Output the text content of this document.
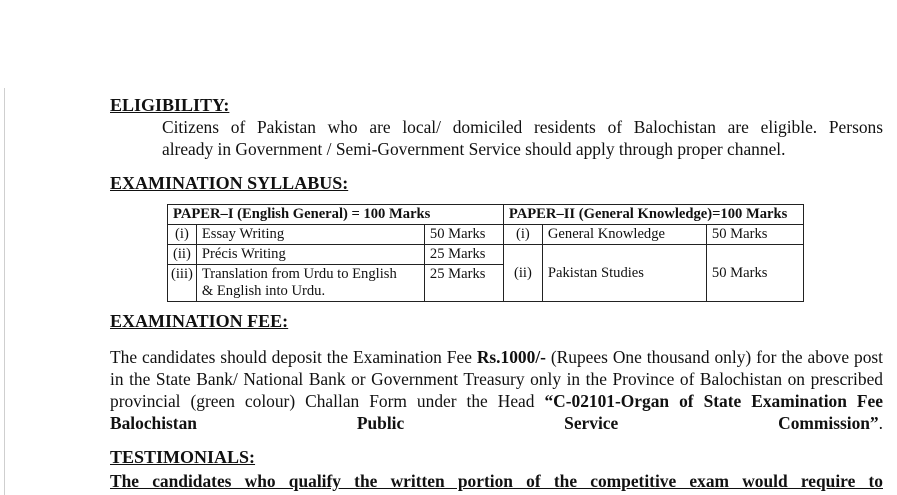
ELIGIBILITY:

Citizens of Pakistan who are local/ domiciled residents of Balochistan are eligible. Persons

already in Government / Semi-Government Service should apply through proper channel.

EXAMINATION SYLLABUS:
PAPER–I (English General) = 100 Marks			PAPER–II (General Knowledge)=100 Marks		
(i)	Essay Writing	50 Marks	(i)	General Knowledge	50 Marks
(ii)	Précis Writing	25 Marks	(ii)	Pakistan Studies	50 Marks
(iii)	Translation from Urdu to English
& English into Urdu.	25 Marks			
EXAMINATION FEE:

The candidates should deposit the Examination Fee Rs.1000/- (Rupees One thousand only) for the above post in the State Bank/ National Bank or Government Treasury only in the Province of Balochistan on prescribed provincial (green colour) Challan Form under the Head “C-02101-Organ of State Examination Fee Balochistan Public Service Commission”.

TESTIMONIALS:
The candidates who qualify the written portion of the competitive exam would require to
